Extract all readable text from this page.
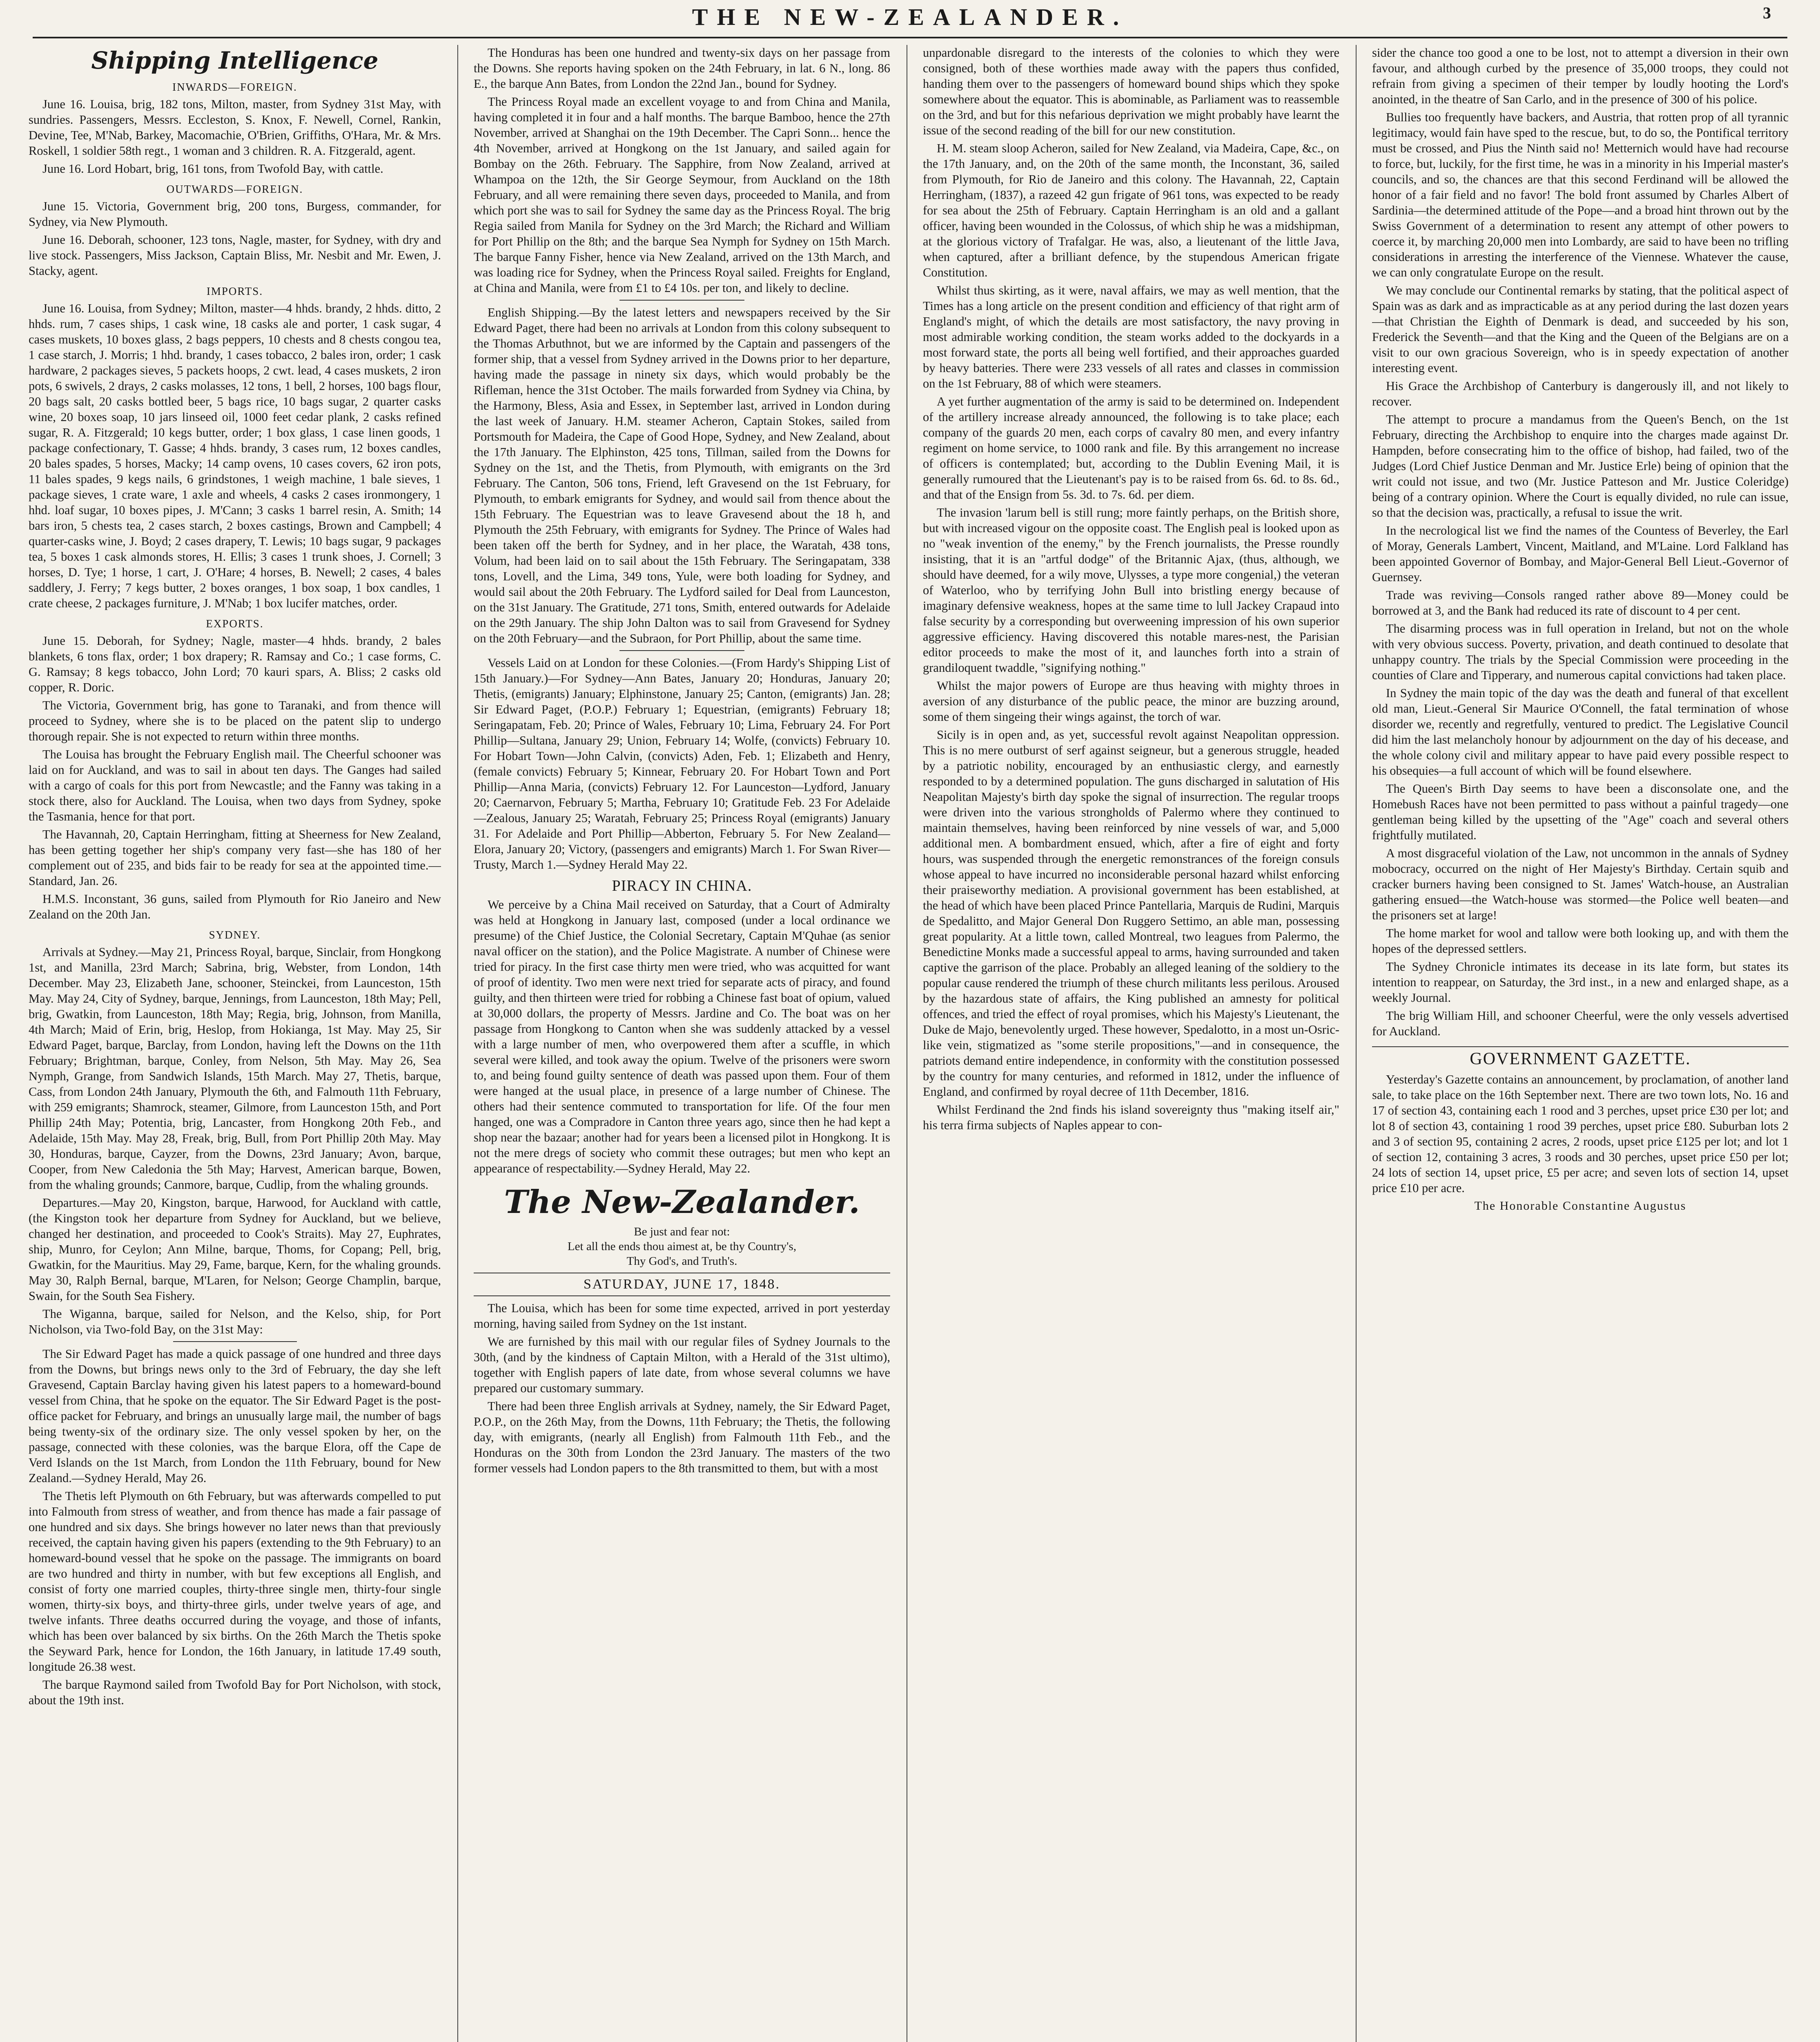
THE NEW-ZEALANDER.	3
Shipping Intelligence
INWARDS—FOREIGN.

June 16. Louisa, brig, 182 tons, Milton, master, from Sydney 31st May, with sundries. Passengers, Messrs. Eccleston, S. Knox, F. Newell, Cornel, Rankin, Devine, Tee, M'Nab, Barkey, Macomachie, O'Brien, Griffiths, O'Hara, Mr. & Mrs. Roskell, 1 soldier 58th regt., 1 woman and 3 children. R. A. Fitzgerald, agent.

June 16. Lord Hobart, brig, 161 tons, from Twofold Bay, with cattle.

OUTWARDS—FOREIGN.

June 15. Victoria, Government brig, 200 tons, Burgess, commander, for Sydney, via New Plymouth.

June 16. Deborah, schooner, 123 tons, Nagle, master, for Sydney, with dry and live stock. Passengers, Miss Jackson, Captain Bliss, Mr. Nesbit and Mr. Ewen, J. Stacky, agent.

IMPORTS.

June 16. Louisa, from Sydney; Milton, master—4 hhds. brandy, 2 hhds. ditto, 2 hhds. rum, 7 cases ships, 1 cask wine, 18 casks ale and porter, 1 cask sugar, 4 cases muskets, 10 boxes glass, 2 bags peppers, 10 chests and 8 chests congou tea, 1 case starch, J. Morris; 1 hhd. brandy, 1 cases tobacco, 2 bales iron, order; 1 cask hardware, 2 packages sieves, 5 packets hoops, 2 cwt. lead, 4 cases muskets, 2 iron pots, 6 swivels, 2 drays, 2 casks molasses, 12 tons, 1 bell, 2 horses, 100 bags flour, 20 bags salt, 20 casks bottled beer, 5 bags rice, 10 bags sugar, 2 quarter casks wine, 20 boxes soap, 10 jars linseed oil, 1000 feet cedar plank, 2 casks refined sugar, R. A. Fitzgerald; 10 kegs butter, order; 1 box glass, 1 case linen goods, 1 package confectionary, T. Gasse; 4 hhds. brandy, 3 cases rum, 12 boxes candles, 20 bales spades, 5 horses, Macky; 14 camp ovens, 10 cases covers, 62 iron pots, 11 bales spades, 9 kegs nails, 6 grindstones, 1 weigh machine, 1 bale sieves, 1 package sieves, 1 crate ware, 1 axle and wheels, 4 casks 2 cases ironmongery, 1 hhd. loaf sugar, 10 boxes pipes, J. M'Cann; 3 casks 1 barrel resin, A. Smith; 14 bars iron, 5 chests tea, 2 cases starch, 2 boxes castings, Brown and Campbell; 4 quarter-casks wine, J. Boyd; 2 cases drapery, T. Lewis; 10 bags sugar, 9 packages tea, 5 boxes 1 cask almonds stores, H. Ellis; 3 cases 1 trunk shoes, J. Cornell; 3 horses, D. Tye; 1 horse, 1 cart, J. O'Hare; 4 horses, B. Newell; 2 cases, 4 bales saddlery, J. Ferry; 7 kegs butter, 2 boxes oranges, 1 box soap, 1 box candles, 1 crate cheese, 2 packages furniture, J. M'Nab; 1 box lucifer matches, order.

EXPORTS.

June 15. Deborah, for Sydney; Nagle, master—4 hhds. brandy, 2 bales blankets, 6 tons flax, order; 1 box drapery; R. Ramsay and Co.; 1 case forms, C. G. Ramsay; 8 kegs tobacco, John Lord; 70 kauri spars, A. Bliss; 2 casks old copper, R. Doric.

The Victoria, Government brig, has gone to Taranaki, and from thence will proceed to Sydney, where she is to be placed on the patent slip to undergo thorough repair. She is not expected to return within three months.

The Louisa has brought the February English mail. The Cheerful schooner was laid on for Auckland, and was to sail in about ten days. The Ganges had sailed with a cargo of coals for this port from Newcastle; and the Fanny was taking in a stock there, also for Auckland. The Louisa, when two days from Sydney, spoke the Tasmania, hence for that port.

The Havannah, 20, Captain Herringham, fitting at Sheerness for New Zealand, has been getting together her ship's company very fast—she has 180 of her complement out of 235, and bids fair to be ready for sea at the appointed time.—Standard, Jan. 26.

H.M.S. Inconstant, 36 guns, sailed from Plymouth for Rio Janeiro and New Zealand on the 20th Jan.

SYDNEY.

Arrivals at Sydney.—May 21, Princess Royal, barque, Sinclair, from Hongkong 1st, and Manilla, 23rd March; Sabrina, brig, Webster, from London, 14th December. May 23, Elizabeth Jane, schooner, Steinckei, from Launceston, 15th May. May 24, City of Sydney, barque, Jennings, from Launceston, 18th May; Pell, brig, Gwatkin, from Launceston, 18th May; Regia, brig, Johnson, from Manilla, 4th March; Maid of Erin, brig, Heslop, from Hokianga, 1st May. May 25, Sir Edward Paget, barque, Barclay, from London, having left the Downs on the 11th February; Brightman, barque, Conley, from Nelson, 5th May. May 26, Sea Nymph, Grange, from Sandwich Islands, 15th March. May 27, Thetis, barque, Cass, from London 24th January, Plymouth the 6th, and Falmouth 11th February, with 259 emigrants; Shamrock, steamer, Gilmore, from Launceston 15th, and Port Phillip 24th May; Potentia, brig, Lancaster, from Hongkong 20th Feb., and Adelaide, 15th May. May 28, Freak, brig, Bull, from Port Phillip 20th May. May 30, Honduras, barque, Cayzer, from the Downs, 23rd January; Avon, barque, Cooper, from New Caledonia the 5th May; Harvest, American barque, Bowen, from the whaling grounds; Canmore, barque, Cudlip, from the whaling grounds.

Departures.—May 20, Kingston, barque, Harwood, for Auckland with cattle, (the Kingston took her departure from Sydney for Auckland, but we believe, changed her destination, and proceeded to Cook's Straits). May 27, Euphrates, ship, Munro, for Ceylon; Ann Milne, barque, Thoms, for Copang; Pell, brig, Gwatkin, for the Mauritius. May 29, Fame, barque, Kern, for the whaling grounds. May 30, Ralph Bernal, barque, M'Laren, for Nelson; George Champlin, barque, Swain, for the South Sea Fishery.

The Wiganna, barque, sailed for Nelson, and the Kelso, ship, for Port Nicholson, via Two-fold Bay, on the 31st May:

The Sir Edward Paget has made a quick passage of one hundred and three days from the Downs, but brings news only to the 3rd of February, the day she left Gravesend, Captain Barclay having given his latest papers to a homeward-bound vessel from China, that he spoke on the equator. The Sir Edward Paget is the post-office packet for February, and brings an unusually large mail, the number of bags being twenty-six of the ordinary size. The only vessel spoken by her, on the passage, connected with these colonies, was the barque Elora, off the Cape de Verd Islands on the 1st March, from London the 11th February, bound for New Zealand.—Sydney Herald, May 26.

The Thetis left Plymouth on 6th February, but was afterwards compelled to put into Falmouth from stress of weather, and from thence has made a fair passage of one hundred and six days. She brings however no later news than that previously received, the captain having given his papers (extending to the 9th February) to an homeward-bound vessel that he spoke on the passage. The immigrants on board are two hundred and thirty in number, with but few exceptions all English, and consist of forty one married couples, thirty-three single men, thirty-four single women, thirty-six boys, and thirty-three girls, under twelve years of age, and twelve infants. Three deaths occurred during the voyage, and those of infants, which has been over balanced by six births. On the 26th March the Thetis spoke the Seyward Park, hence for London, the 16th January, in latitude 17.49 south, longitude 26.38 west.

The barque Raymond sailed from Twofold Bay for Port Nicholson, with stock, about the 19th inst.

The Honduras has been one hundred and twenty-six days on her passage from the Downs. She reports having spoken on the 24th February, in lat. 6 N., long. 86 E., the barque Ann Bates, from London the 22nd Jan., bound for Sydney.

The Princess Royal made an excellent voyage to and from China and Manila, having completed it in four and a half months. The barque Bamboo, hence the 27th November, arrived at Shanghai on the 19th December. The Capri Sonn... hence the 4th November, arrived at Hongkong on the 1st January, and sailed again for Bombay on the 26th. February. The Sapphire, from Now Zealand, arrived at Whampoa on the 12th, the Sir George Seymour, from Auckland on the 18th February, and all were remaining there seven days, proceeded to Manila, and from which port she was to sail for Sydney the same day as the Princess Royal. The brig Regia sailed from Manila for Sydney on the 3rd March; the Richard and William for Port Phillip on the 8th; and the barque Sea Nymph for Sydney on 15th March. The barque Fanny Fisher, hence via New Zealand, arrived on the 13th March, and was loading rice for Sydney, when the Princess Royal sailed. Freights for England, at China and Manila, were from £1 to £4 10s. per ton, and likely to decline.

English Shipping.—By the latest letters and newspapers received by the Sir Edward Paget, there had been no arrivals at London from this colony subsequent to the Thomas Arbuthnot, but we are informed by the Captain and passengers of the former ship, that a vessel from Sydney arrived in the Downs prior to her departure, having made the passage in ninety six days, which would probably be the Rifleman, hence the 31st October. The mails forwarded from Sydney via China, by the Harmony, Bless, Asia and Essex, in September last, arrived in London during the last week of January. H.M. steamer Acheron, Captain Stokes, sailed from Portsmouth for Madeira, the Cape of Good Hope, Sydney, and New Zealand, about the 17th January. The Elphinston, 425 tons, Tillman, sailed from the Downs for Sydney on the 1st, and the Thetis, from Plymouth, with emigrants on the 3rd February. The Canton, 506 tons, Friend, left Gravesend on the 1st February, for Plymouth, to embark emigrants for Sydney, and would sail from thence about the 15th February. The Equestrian was to leave Gravesend about the 18 h, and Plymouth the 25th February, with emigrants for Sydney. The Prince of Wales had been taken off the berth for Sydney, and in her place, the Waratah, 438 tons, Volum, had been laid on to sail about the 15th February. The Seringapatam, 338 tons, Lovell, and the Lima, 349 tons, Yule, were both loading for Sydney, and would sail about the 20th February. The Lydford sailed for Deal from Launceston, on the 31st January. The Gratitude, 271 tons, Smith, entered outwards for Adelaide on the 29th January. The ship John Dalton was to sail from Gravesend for Sydney on the 20th February—and the Subraon, for Port Phillip, about the same time.

Vessels Laid on at London for these Colonies.—(From Hardy's Shipping List of 15th January.)—For Sydney—Ann Bates, January 20; Honduras, January 20; Thetis, (emigrants) January; Elphinstone, January 25; Canton, (emigrants) Jan. 28; Sir Edward Paget, (P.O.P.) February 1; Equestrian, (emigrants) February 18; Seringapatam, Feb. 20; Prince of Wales, February 10; Lima, February 24. For Port Phillip—Sultana, January 29; Union, February 14; Wolfe, (convicts) February 10. For Hobart Town—John Calvin, (convicts) Aden, Feb. 1; Elizabeth and Henry, (female convicts) February 5; Kinnear, February 20. For Hobart Town and Port Phillip—Anna Maria, (convicts) February 12. For Launceston—Lydford, January 20; Caernarvon, February 5; Martha, February 10; Gratitude Feb. 23 For Adelaide—Zealous, January 25; Waratah, February 25; Princess Royal (emigrants) January 31. For Adelaide and Port Phillip—Abberton, February 5. For New Zealand—Elora, January 20; Victory, (passengers and emigrants) March 1. For Swan River—Trusty, March 1.—Sydney Herald May 22.

PIRACY IN CHINA.

We perceive by a China Mail received on Saturday, that a Court of Admiralty was held at Hongkong in January last, composed (under a local ordinance we presume) of the Chief Justice, the Colonial Secretary, Captain M'Quhae (as senior naval officer on the station), and the Police Magistrate. A number of Chinese were tried for piracy. In the first case thirty men were tried, who was acquitted for want of proof of identity. Two men were next tried for separate acts of piracy, and found guilty, and then thirteen were tried for robbing a Chinese fast boat of opium, valued at 30,000 dollars, the property of Messrs. Jardine and Co. The boat was on her passage from Hongkong to Canton when she was suddenly attacked by a vessel with a large number of men, who overpowered them after a scuffle, in which several were killed, and took away the opium. Twelve of the prisoners were sworn to, and being found guilty sentence of death was passed upon them. Four of them were hanged at the usual place, in presence of a large number of Chinese. The others had their sentence commuted to transportation for life. Of the four men hanged, one was a Compradore in Canton three years ago, since then he had kept a shop near the bazaar; another had for years been a licensed pilot in Hongkong. It is not the mere dregs of society who commit these outrages; but men who kept an appearance of respectability.—Sydney Herald, May 22.

The New-Zealander.
Be just and fear not:
Let all the ends thou aimest at, be thy Country's,
Thy God's, and Truth's.
SATURDAY, JUNE 17, 1848.

The Louisa, which has been for some time expected, arrived in port yesterday morning, having sailed from Sydney on the 1st instant.

We are furnished by this mail with our regular files of Sydney Journals to the 30th, (and by the kindness of Captain Milton, with a Herald of the 31st ultimo), together with English papers of late date, from whose several columns we have prepared our customary summary.

There had been three English arrivals at Sydney, namely, the Sir Edward Paget, P.O.P., on the 26th May, from the Downs, 11th February; the Thetis, the following day, with emigrants, (nearly all English) from Falmouth 11th Feb., and the Honduras on the 30th from London the 23rd January. The masters of the two former vessels had London papers to the 8th transmitted to them, but with a most

unpardonable disregard to the interests of the colonies to which they were consigned, both of these worthies made away with the papers thus confided, handing them over to the passengers of homeward bound ships which they spoke somewhere about the equator. This is abominable, as Parliament was to reassemble on the 3rd, and but for this nefarious deprivation we might probably have learnt the issue of the second reading of the bill for our new constitution.

H. M. steam sloop Acheron, sailed for New Zealand, via Madeira, Cape, &c., on the 17th January, and, on the 20th of the same month, the Inconstant, 36, sailed from Plymouth, for Rio de Janeiro and this colony. The Havannah, 22, Captain Herringham, (1837), a razeed 42 gun frigate of 961 tons, was expected to be ready for sea about the 25th of February. Captain Herringham is an old and a gallant officer, having been wounded in the Colossus, of which ship he was a midshipman, at the glorious victory of Trafalgar. He was, also, a lieutenant of the little Java, when captured, after a brilliant defence, by the stupendous American frigate Constitution.

Whilst thus skirting, as it were, naval affairs, we may as well mention, that the Times has a long article on the present condition and efficiency of that right arm of England's might, of which the details are most satisfactory, the navy proving in most admirable working condition, the steam works added to the dockyards in a most forward state, the ports all being well fortified, and their approaches guarded by heavy batteries. There were 233 vessels of all rates and classes in commission on the 1st February, 88 of which were steamers.

A yet further augmentation of the army is said to be determined on. Independent of the artillery increase already announced, the following is to take place; each company of the guards 20 men, each corps of cavalry 80 men, and every infantry regiment on home service, to 1000 rank and file. By this arrangement no increase of officers is contemplated; but, according to the Dublin Evening Mail, it is generally rumoured that the Lieutenant's pay is to be raised from 6s. 6d. to 8s. 6d., and that of the Ensign from 5s. 3d. to 7s. 6d. per diem.

The invasion 'larum bell is still rung; more faintly perhaps, on the British shore, but with increased vigour on the opposite coast. The English peal is looked upon as no "weak invention of the enemy," by the French journalists, the Presse roundly insisting, that it is an "artful dodge" of the Britannic Ajax, (thus, although, we should have deemed, for a wily move, Ulysses, a type more congenial,) the veteran of Waterloo, who by terrifying John Bull into bristling energy because of imaginary defensive weakness, hopes at the same time to lull Jackey Crapaud into false security by a corresponding but overweening impression of his own superior aggressive efficiency. Having discovered this notable mares-nest, the Parisian editor proceeds to make the most of it, and launches forth into a strain of grandiloquent twaddle, "signifying nothing."

Whilst the major powers of Europe are thus heaving with mighty throes in aversion of any disturbance of the public peace, the minor are buzzing around, some of them singeing their wings against, the torch of war.

Sicily is in open and, as yet, successful revolt against Neapolitan oppression. This is no mere outburst of serf against seigneur, but a generous struggle, headed by a patriotic nobility, encouraged by an enthusiastic clergy, and earnestly responded to by a determined population. The guns discharged in salutation of His Neapolitan Majesty's birth day spoke the signal of insurrection. The regular troops were driven into the various strongholds of Palermo where they continued to maintain themselves, having been reinforced by nine vessels of war, and 5,000 additional men. A bombardment ensued, which, after a fire of eight and forty hours, was suspended through the energetic remonstrances of the foreign consuls whose appeal to have incurred no inconsiderable personal hazard whilst enforcing their praiseworthy mediation. A provisional government has been established, at the head of which have been placed Prince Pantellaria, Marquis de Rudini, Marquis de Spedalitto, and Major General Don Ruggero Settimo, an able man, possessing great popularity. At a little town, called Montreal, two leagues from Palermo, the Benedictine Monks made a successful appeal to arms, having surrounded and taken captive the garrison of the place. Probably an alleged leaning of the soldiery to the popular cause rendered the triumph of these church militants less perilous. Aroused by the hazardous state of affairs, the King published an amnesty for political offences, and tried the effect of royal promises, which his Majesty's Lieutenant, the Duke de Majo, benevolently urged. These however, Spedalotto, in a most un-Osric-like vein, stigmatized as "some sterile propositions,"—and in consequence, the patriots demand entire independence, in conformity with the constitution possessed by the country for many centuries, and reformed in 1812, under the influence of England, and confirmed by royal decree of 11th December, 1816.

Whilst Ferdinand the 2nd finds his island sovereignty thus "making itself air," his terra firma subjects of Naples appear to con-

sider the chance too good a one to be lost, not to attempt a diversion in their own favour, and although curbed by the presence of 35,000 troops, they could not refrain from giving a specimen of their temper by loudly hooting the Lord's anointed, in the theatre of San Carlo, and in the presence of 300 of his police.

Bullies too frequently have backers, and Austria, that rotten prop of all tyrannic legitimacy, would fain have sped to the rescue, but, to do so, the Pontifical territory must be crossed, and Pius the Ninth said no! Metternich would have had recourse to force, but, luckily, for the first time, he was in a minority in his Imperial master's councils, and so, the chances are that this second Ferdinand will be allowed the honor of a fair field and no favor! The bold front assumed by Charles Albert of Sardinia—the determined attitude of the Pope—and a broad hint thrown out by the Swiss Government of a determination to resent any attempt of other powers to coerce it, by marching 20,000 men into Lombardy, are said to have been no trifling considerations in arresting the interference of the Viennese. Whatever the cause, we can only congratulate Europe on the result.

We may conclude our Continental remarks by stating, that the political aspect of Spain was as dark and as impracticable as at any period during the last dozen years—that Christian the Eighth of Denmark is dead, and succeeded by his son, Frederick the Seventh—and that the King and the Queen of the Belgians are on a visit to our own gracious Sovereign, who is in speedy expectation of another interesting event.

His Grace the Archbishop of Canterbury is dangerously ill, and not likely to recover.

The attempt to procure a mandamus from the Queen's Bench, on the 1st February, directing the Archbishop to enquire into the charges made against Dr. Hampden, before consecrating him to the office of bishop, had failed, two of the Judges (Lord Chief Justice Denman and Mr. Justice Erle) being of opinion that the writ could not issue, and two (Mr. Justice Patteson and Mr. Justice Coleridge) being of a contrary opinion. Where the Court is equally divided, no rule can issue, so that the decision was, practically, a refusal to issue the writ.

In the necrological list we find the names of the Countess of Beverley, the Earl of Moray, Generals Lambert, Vincent, Maitland, and M'Laine. Lord Falkland has been appointed Governor of Bombay, and Major-General Bell Lieut.-Governor of Guernsey.

Trade was reviving—Consols ranged rather above 89—Money could be borrowed at 3, and the Bank had reduced its rate of discount to 4 per cent.

The disarming process was in full operation in Ireland, but not on the whole with very obvious success. Poverty, privation, and death continued to desolate that unhappy country. The trials by the Special Commission were proceeding in the counties of Clare and Tipperary, and numerous capital convictions had taken place.

In Sydney the main topic of the day was the death and funeral of that excellent old man, Lieut.-General Sir Maurice O'Connell, the fatal termination of whose disorder we, recently and regretfully, ventured to predict. The Legislative Council did him the last melancholy honour by adjournment on the day of his decease, and the whole colony civil and military appear to have paid every possible respect to his obsequies—a full account of which will be found elsewhere.

The Queen's Birth Day seems to have been a disconsolate one, and the Homebush Races have not been permitted to pass without a painful tragedy—one gentleman being killed by the upsetting of the "Age" coach and several others frightfully mutilated.

A most disgraceful violation of the Law, not uncommon in the annals of Sydney mobocracy, occurred on the night of Her Majesty's Birthday. Certain squib and cracker burners having been consigned to St. James' Watch-house, an Australian gathering ensued—the Watch-house was stormed—the Police well beaten—and the prisoners set at large!

The home market for wool and tallow were both looking up, and with them the hopes of the depressed settlers.

The Sydney Chronicle intimates its decease in its late form, but states its intention to reappear, on Saturday, the 3rd inst., in a new and enlarged shape, as a weekly Journal.

The brig William Hill, and schooner Cheerful, were the only vessels advertised for Auckland.

GOVERNMENT GAZETTE.

Yesterday's Gazette contains an announcement, by proclamation, of another land sale, to take place on the 16th September next. There are two town lots, No. 16 and 17 of section 43, containing each 1 rood and 3 perches, upset price £30 per lot; and lot 8 of section 43, containing 1 rood 39 perches, upset price £80. Suburban lots 2 and 3 of section 95, containing 2 acres, 2 roods, upset price £125 per lot; and lot 1 of section 12, containing 3 acres, 3 roods and 30 perches, upset price £50 per lot; 24 lots of section 14, upset price, £5 per acre; and seven lots of section 14, upset price £10 per acre.

The Honorable Constantine Augustus
